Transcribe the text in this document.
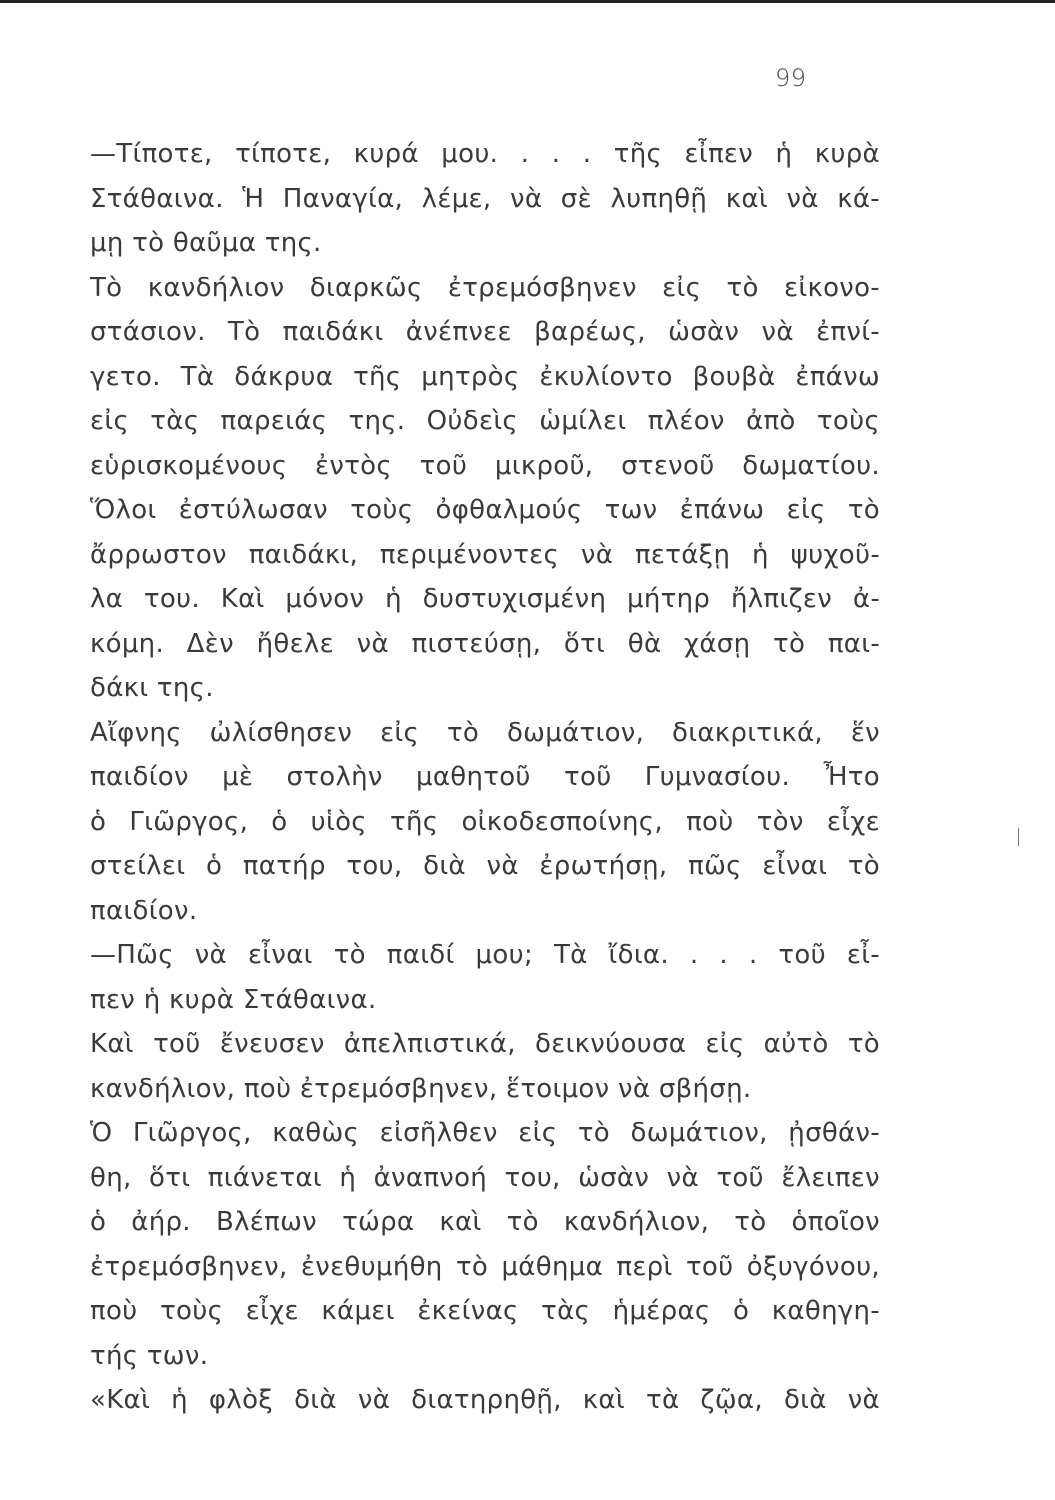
99
—Τίποτε, τίποτε, κυρά μου. . . . τῆς εἶπεν ἡ κυρὰ
Στάθαινα. Ἡ Παναγία, λέμε, νὰ σὲ λυπηθῇ καὶ νὰ κά-
μῃ τὸ θαῦμα της.
Τὸ κανδήλιον διαρκῶς ἐτρεμόσβηνεν εἰς τὸ εἰκονο-
στάσιον. Τὸ παιδάκι ἀνέπνεε βαρέως, ὡσὰν νὰ ἐπνί-
γετο. Τὰ δάκρυα τῆς μητρὸς ἐκυλίοντο βουβὰ ἐπάνω
εἰς τὰς παρειάς της. Οὐδεὶς ὡμίλει πλέον ἀπὸ τοὺς
εὑρισκομένους ἐντὸς τοῦ μικροῦ, στενοῦ δωματίου.
Ὅλοι ἐστύλωσαν τοὺς ὀφθαλμούς των ἐπάνω εἰς τὸ
ἄρρωστον παιδάκι, περιμένοντες νὰ πετάξῃ ἡ ψυχοῦ-
λα του. Καὶ μόνον ἡ δυστυχισμένη μήτηρ ἤλπιζεν ἀ-
κόμη. Δὲν ἤθελε νὰ πιστεύσῃ, ὅτι θὰ χάσῃ τὸ παι-
δάκι της.
Αἴφνης ὠλίσθησεν εἰς τὸ δωμάτιον, διακριτικά, ἕν
παιδίον μὲ στολὴν μαθητοῦ τοῦ Γυμνασίου. Ἦτο
ὁ Γιῶργος, ὁ υἱὸς τῆς οἰκοδεσποίνης, ποὺ τὸν εἶχε
στείλει ὁ πατήρ του, διὰ νὰ ἐρωτήσῃ, πῶς εἶναι τὸ
παιδίον.
—Πῶς νὰ εἶναι τὸ παιδί μου; Τὰ ἴδια. . . . τοῦ εἶ-
πεν ἡ κυρὰ Στάθαινα.
Καὶ τοῦ ἔνευσεν ἀπελπιστικά, δεικνύουσα εἰς αὐτὸ τὸ
κανδήλιον, ποὺ ἐτρεμόσβηνεν, ἕτοιμον νὰ σβήσῃ.
Ὁ Γιῶργος, καθὼς εἰσῆλθεν εἰς τὸ δωμάτιον, ᾐσθάν-
θη, ὅτι πιάνεται ἡ ἀναπνοή του, ὡσὰν νὰ τοῦ ἔλειπεν
ὁ ἀήρ. Βλέπων τώρα καὶ τὸ κανδήλιον, τὸ ὁποῖον
ἐτρεμόσβηνεν, ἐνεθυμήθη τὸ μάθημα περὶ τοῦ ὀξυγόνου,
ποὺ τοὺς εἶχε κάμει ἐκείνας τὰς ἡμέρας ὁ καθηγη-
τής των.
«Καὶ ἡ φλὸξ διὰ νὰ διατηρηθῇ, καὶ τὰ ζῷα, διὰ νὰ
